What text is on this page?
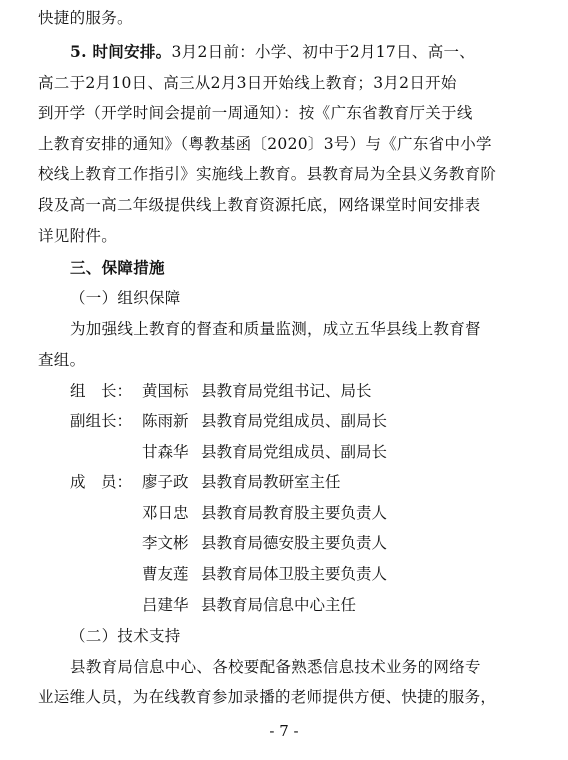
快捷的服务。
5. 时间安排。3月2日前：小学、初中于2月17日、高一、
高二于2月10日、高三从2月3日开始线上教育；3月2日开始
到开学（开学时间会提前一周通知）：按《广东省教育厅关于线
上教育安排的通知》（粤教基函〔2020〕3号）与《广东省中小学
校线上教育工作指引》实施线上教育。县教育局为全县义务教育阶
段及高一高二年级提供线上教育资源托底，网络课堂时间安排表
详见附件。
三、保障措施
（一）组织保障
为加强线上教育的督查和质量监测，成立五华县线上教育督
查组。
组　长： 黄国标 县教育局党组书记、局长
副组长： 陈雨新 县教育局党组成员、副局长
甘森华 县教育局党组成员、副局长
成　员： 廖子政 县教育局教研室主任
邓日忠 县教育局教育股主要负责人
李文彬 县教育局德安股主要负责人
曹友莲 县教育局体卫股主要负责人
吕建华 县教育局信息中心主任
（二）技术支持
县教育局信息中心、各校要配备熟悉信息技术业务的网络专
业运维人员，为在线教育参加录播的老师提供方便、快捷的服务，
- 7 -
